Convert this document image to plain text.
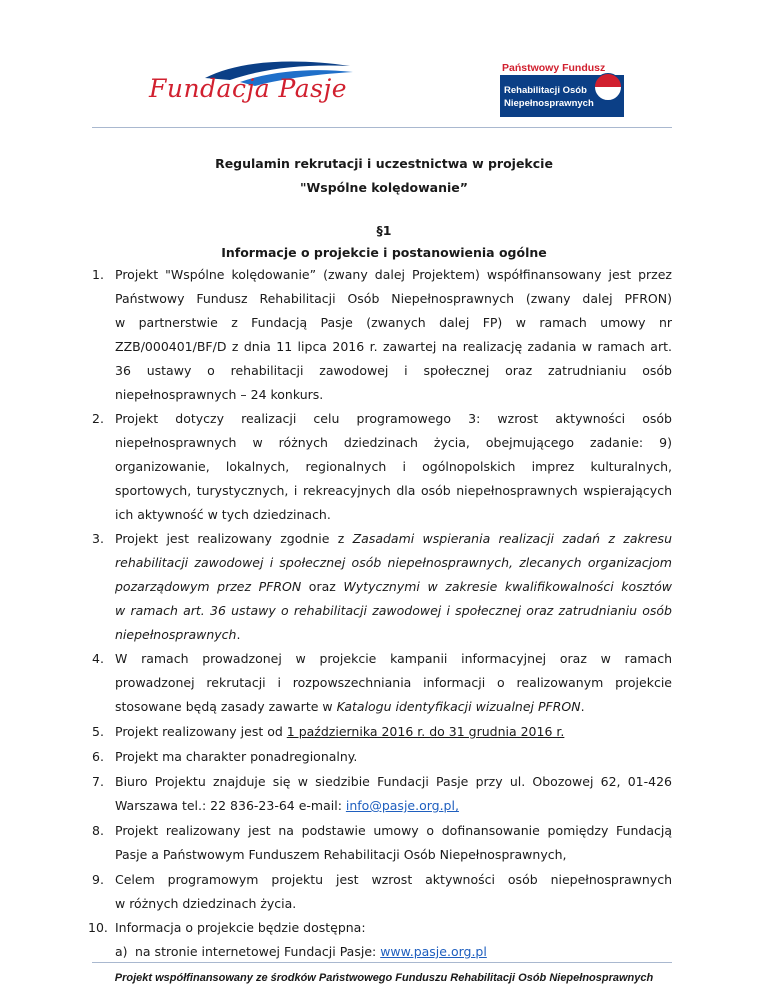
Fundacja Pasje
Państwowy Fundusz
Rehabilitacji Osób
Niepełnosprawnych
Regulamin rekrutacji i uczestnictwa w projekcie
"Wspólne kolędowanie”
§1
Informacje o projekcie i postanowienia ogólne
1. Projekt "Wspólne kolędowanie” (zwany dalej Projektem) współfinansowany jest przez
Państwowy Fundusz Rehabilitacji Osób Niepełnosprawnych (zwany dalej PFRON)
w partnerstwie z Fundacją Pasje (zwanych dalej FP) w ramach umowy nr
ZZB/000401/BF/D z dnia 11 lipca 2016 r. zawartej na realizację zadania w ramach art.
36 ustawy o rehabilitacji zawodowej i społecznej oraz zatrudnianiu osób
niepełnosprawnych – 24 konkurs.
2. Projekt dotyczy realizacji celu programowego 3: wzrost aktywności osób
niepełnosprawnych w różnych dziedzinach życia, obejmującego zadanie: 9)
organizowanie, lokalnych, regionalnych i ogólnopolskich imprez kulturalnych,
sportowych, turystycznych, i rekreacyjnych dla osób niepełnosprawnych wspierających
ich aktywność w tych dziedzinach.
3. Projekt jest realizowany zgodnie z Zasadami wspierania realizacji zadań z zakresu
rehabilitacji zawodowej i społecznej osób niepełnosprawnych, zlecanych organizacjom
pozarządowym przez PFRON oraz Wytycznymi w zakresie kwalifikowalności kosztów
w ramach art. 36 ustawy o rehabilitacji zawodowej i społecznej oraz zatrudnianiu osób
niepełnosprawnych.
4. W ramach prowadzonej w projekcie kampanii informacyjnej oraz w ramach
prowadzonej rekrutacji i rozpowszechniania informacji o realizowanym projekcie
stosowane będą zasady zawarte w Katalogu identyfikacji wizualnej PFRON.
5. Projekt realizowany jest od 1 października 2016 r. do 31 grudnia 2016 r.
6. Projekt ma charakter ponadregionalny.
7. Biuro Projektu znajduje się w siedzibie Fundacji Pasje przy ul. Obozowej 62, 01-426
Warszawa tel.: 22 836-23-64 e-mail: info@pasje.org.pl,
8. Projekt realizowany jest na podstawie umowy o dofinansowanie pomiędzy Fundacją
Pasje a Państwowym Funduszem Rehabilitacji Osób Niepełnosprawnych,
9. Celem programowym projektu jest wzrost aktywności osób niepełnosprawnych
w różnych dziedzinach życia.
10. Informacja o projekcie będzie dostępna:
a) na stronie internetowej Fundacji Pasje: www.pasje.org.pl
Projekt współfinansowany ze środków Państwowego Funduszu Rehabilitacji Osób Niepełnosprawnych
